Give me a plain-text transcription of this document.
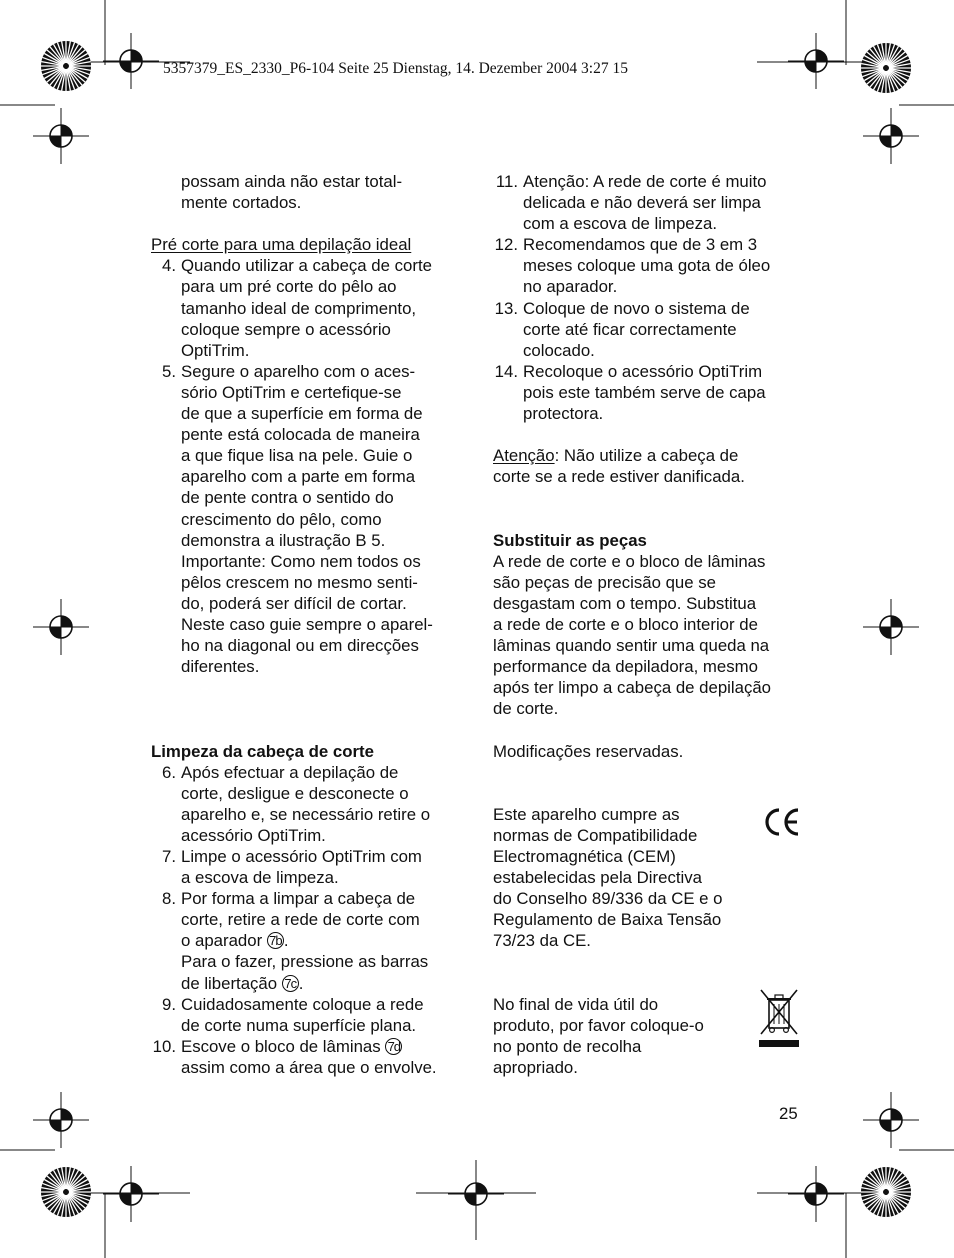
5357379_ES_2330_P6-104 Seite 25 Dienstag, 14. Dezember 2004 3:27 15

possam ainda não estar total-

mente cortados.

Pré corte para uma depilação ideal

4. Quando utilizar a cabeça de corte

para um pré corte do pêlo ao

tamanho ideal de comprimento,

coloque sempre o acessório

OptiTrim.

5. Segure o aparelho com o aces-

sório OptiTrim e certefique-se

de que a superfície em forma de

pente está colocada de maneira

a que fique lisa na pele. Guie o

aparelho com a parte em forma

de pente contra o sentido do

crescimento do pêlo, como

demonstra a ilustração B 5.

Importante: Como nem todos os

pêlos crescem no mesmo senti-

do, poderá ser difícil de cortar.

Neste caso guie sempre o aparel-

ho na diagonal ou em direcções

diferentes.

Limpeza da cabeça de corte

6. Após efectuar a depilação de

corte, desligue e desconecte o

aparelho e, se necessário retire o

acessório OptiTrim.

7. Limpe o acessório OptiTrim com

a escova de limpeza.

8. Por forma a limpar a cabeça de

corte, retire a rede de corte com

o aparador 7b .

Para o fazer, pressione as barras

de libertação 7c .

9. Cuidadosamente coloque a rede

de corte numa superfície plana.

10. Escove o bloco de lâminas 7d

assim como a área que o envolve.

11. Atenção: A rede de corte é muito

delicada e não deverá ser limpa

com a escova de limpeza.

12. Recomendamos que de 3 em 3

meses coloque uma gota de óleo

no aparador.

13. Coloque de novo o sistema de

corte até ficar correctamente

colocado.

14. Recoloque o acessório OptiTrim

pois este também serve de capa

protectora.

Atenção: Não utilize a cabeça de

corte se a rede estiver danificada.

Substituir as peças

A rede de corte e o bloco de lâminas

são peças de precisão que se

desgastam com o tempo. Substitua

a rede de corte e o bloco interior de

lâminas quando sentir uma queda na

performance da depiladora, mesmo

após ter limpo a cabeça de depilação

de corte.

Modificações reservadas.

Este aparelho cumpre as

normas de Compatibilidade

Electromagnética (CEM)

estabelecidas pela Directiva

do Conselho 89/336 da CE e o

Regulamento de Baixa Tensão

73/23 da CE.

No final de vida útil do

produto, por favor coloque-o

no ponto de recolha

apropriado.

25
